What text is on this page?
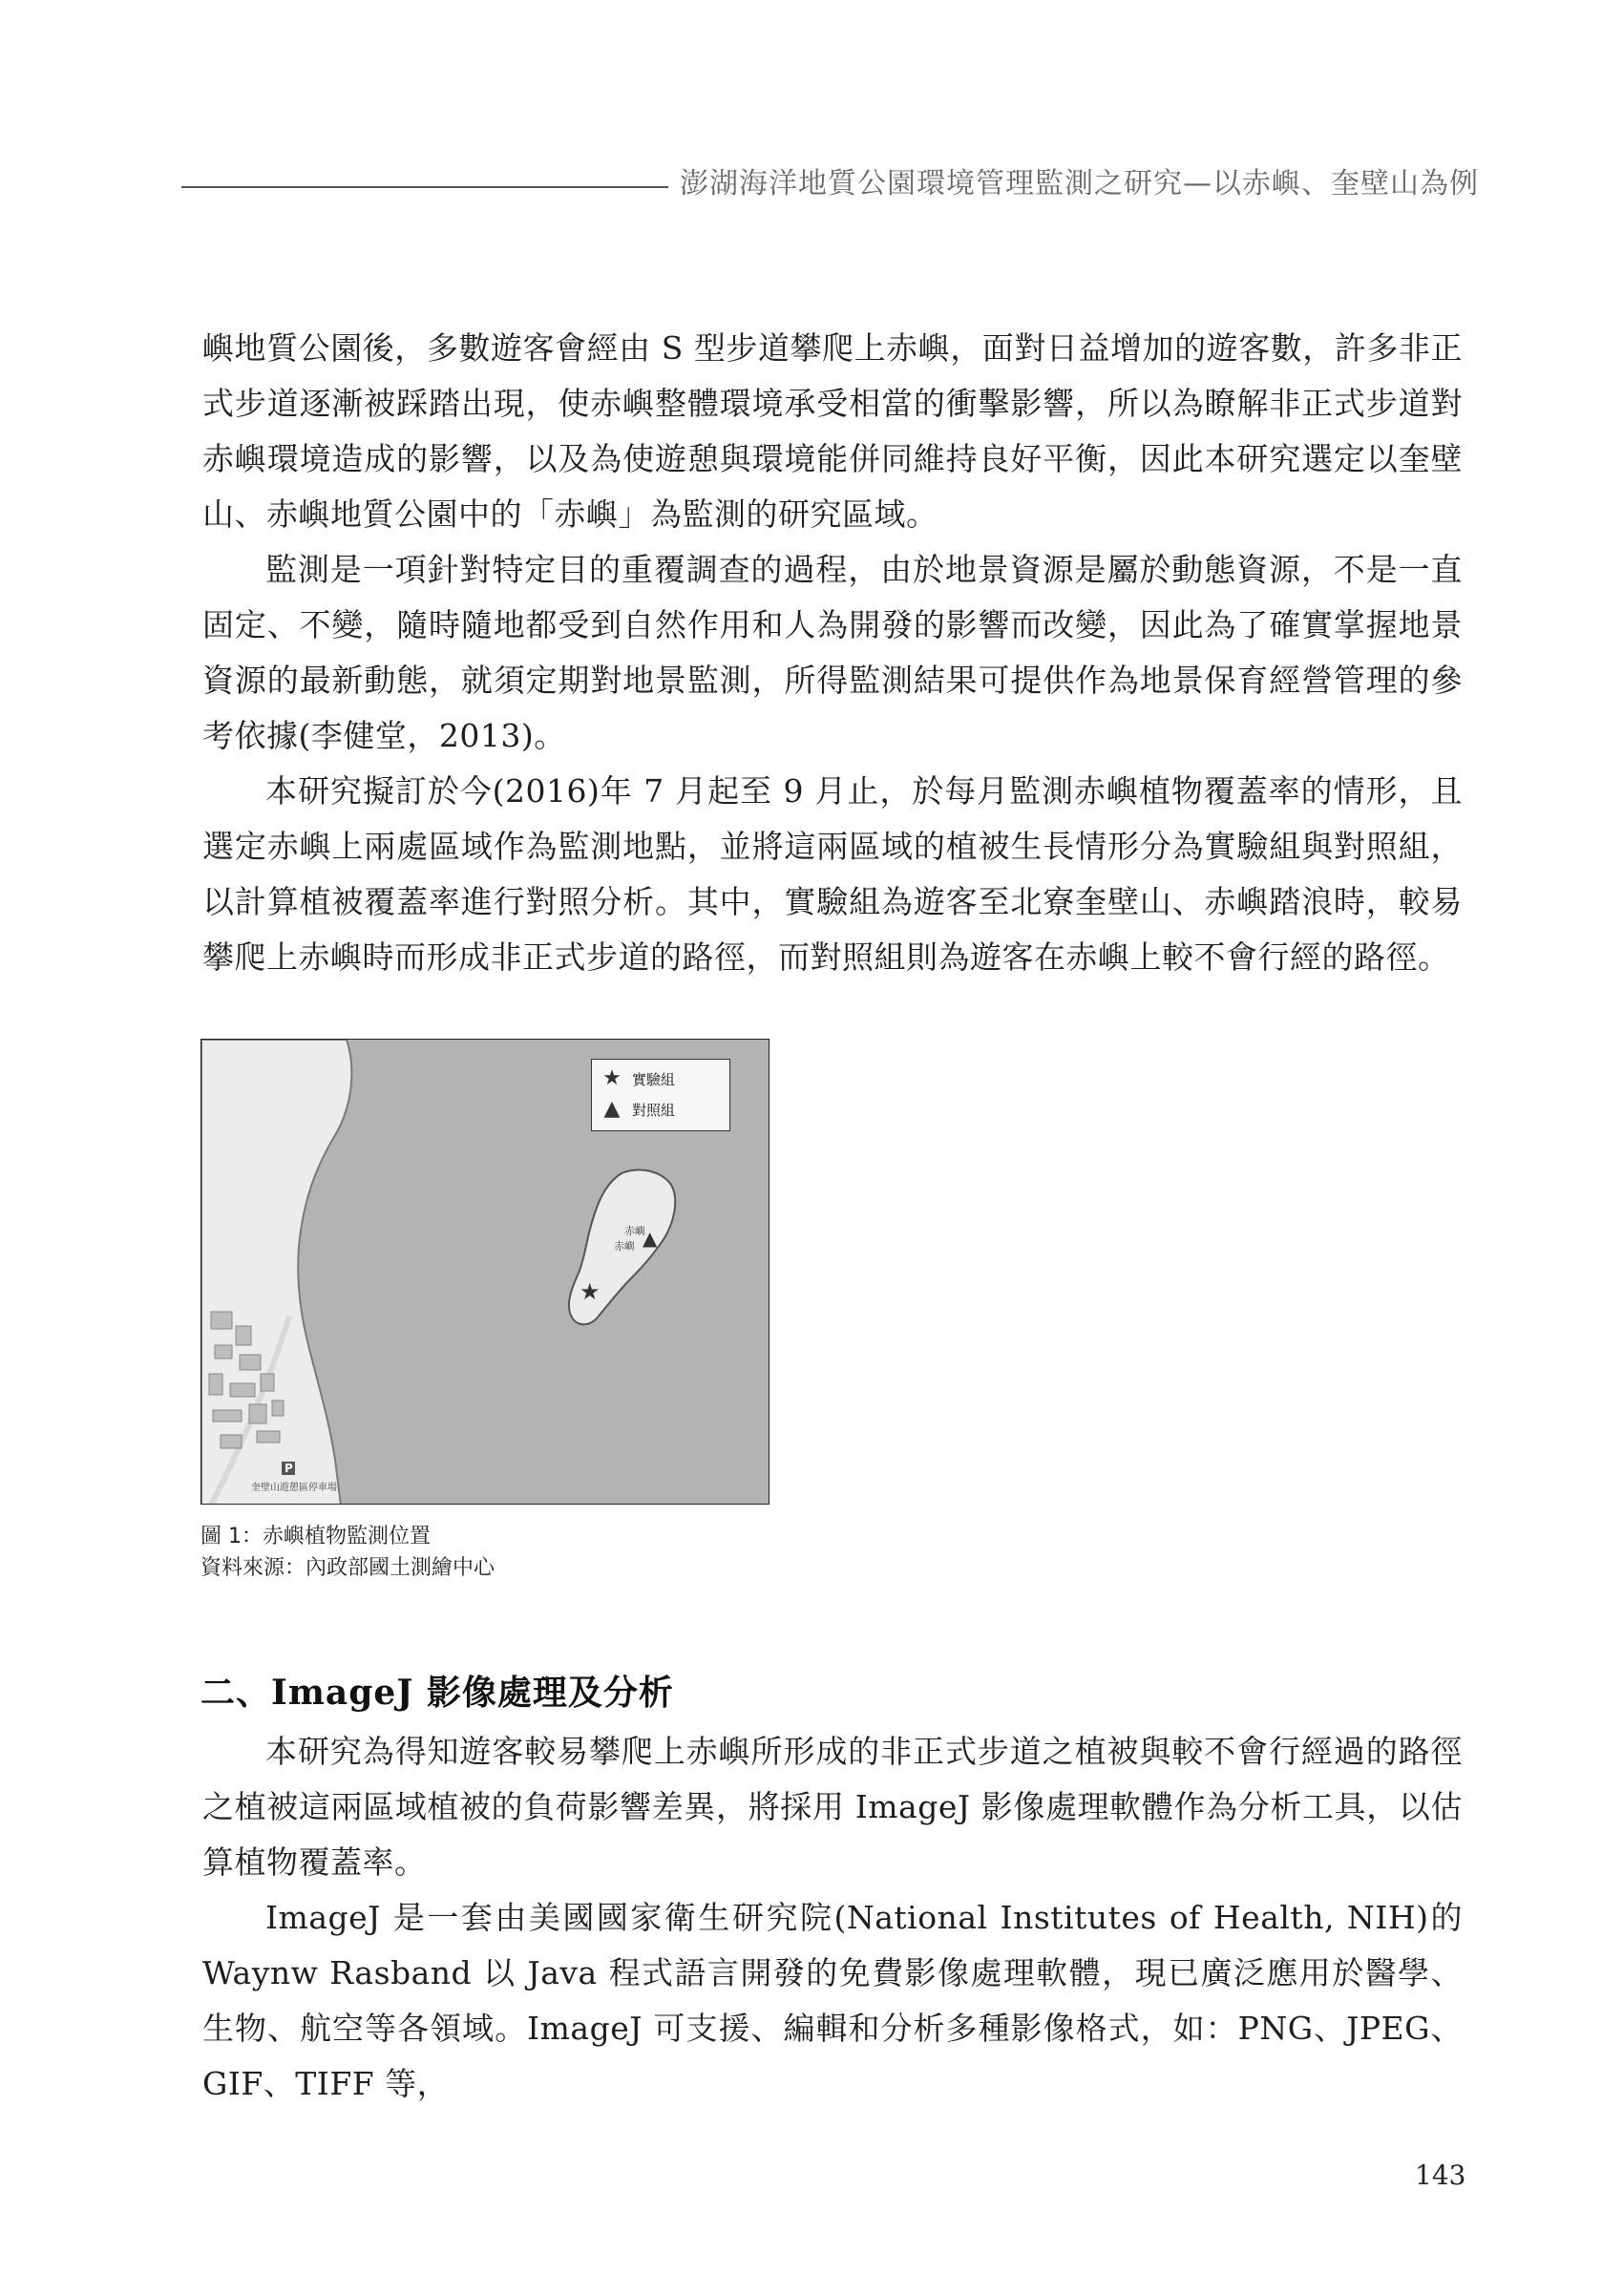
澎湖海洋地質公園環境管理監測之研究—以赤嶼、奎壁山為例

嶼地質公園後，多數遊客會經由 S 型步道攀爬上赤嶼，面對日益增加的遊客數，許多非正式步道逐漸被踩踏出現，使赤嶼整體環境承受相當的衝擊影響，所以為瞭解非正式步道對赤嶼環境造成的影響，以及為使遊憩與環境能併同維持良好平衡，因此本研究選定以奎壁山、赤嶼地質公園中的「赤嶼」為監測的研究區域。

監測是一項針對特定目的重覆調查的過程，由於地景資源是屬於動態資源，不是一直固定、不變，隨時隨地都受到自然作用和人為開發的影響而改變，因此為了確實掌握地景資源的最新動態，就須定期對地景監測，所得監測結果可提供作為地景保育經營管理的參考依據(李健堂，2013)。

本研究擬訂於今(2016)年 7 月起至 9 月止，於每月監測赤嶼植物覆蓋率的情形，且選定赤嶼上兩處區域作為監測地點，並將這兩區域的植被生長情形分為實驗組與對照組，以計算植被覆蓋率進行對照分析。其中，實驗組為遊客至北寮奎壁山、赤嶼踏浪時，較易攀爬上赤嶼時而形成非正式步道的路徑，而對照組則為遊客在赤嶼上較不會行經的路徑。

★ 實驗組
▲ 對照組
赤嶼
赤嶼 ▲
★
P
奎壁山遊憩區停車場
圖 1：赤嶼植物監測位置
資料來源：內政部國土測繪中心
二、ImageJ 影像處理及分析

本研究為得知遊客較易攀爬上赤嶼所形成的非正式步道之植被與較不會行經過的路徑之植被這兩區域植被的負荷影響差異，將採用 ImageJ 影像處理軟體作為分析工具，以估算植物覆蓋率。

ImageJ 是一套由美國國家衛生研究院(National Institutes of Health, NIH)的 Waynw Rasband 以 Java 程式語言開發的免費影像處理軟體，現已廣泛應用於醫學、生物、航空等各領域。ImageJ 可支援、編輯和分析多種影像格式，如：PNG、JPEG、GIF、TIFF 等，

143
